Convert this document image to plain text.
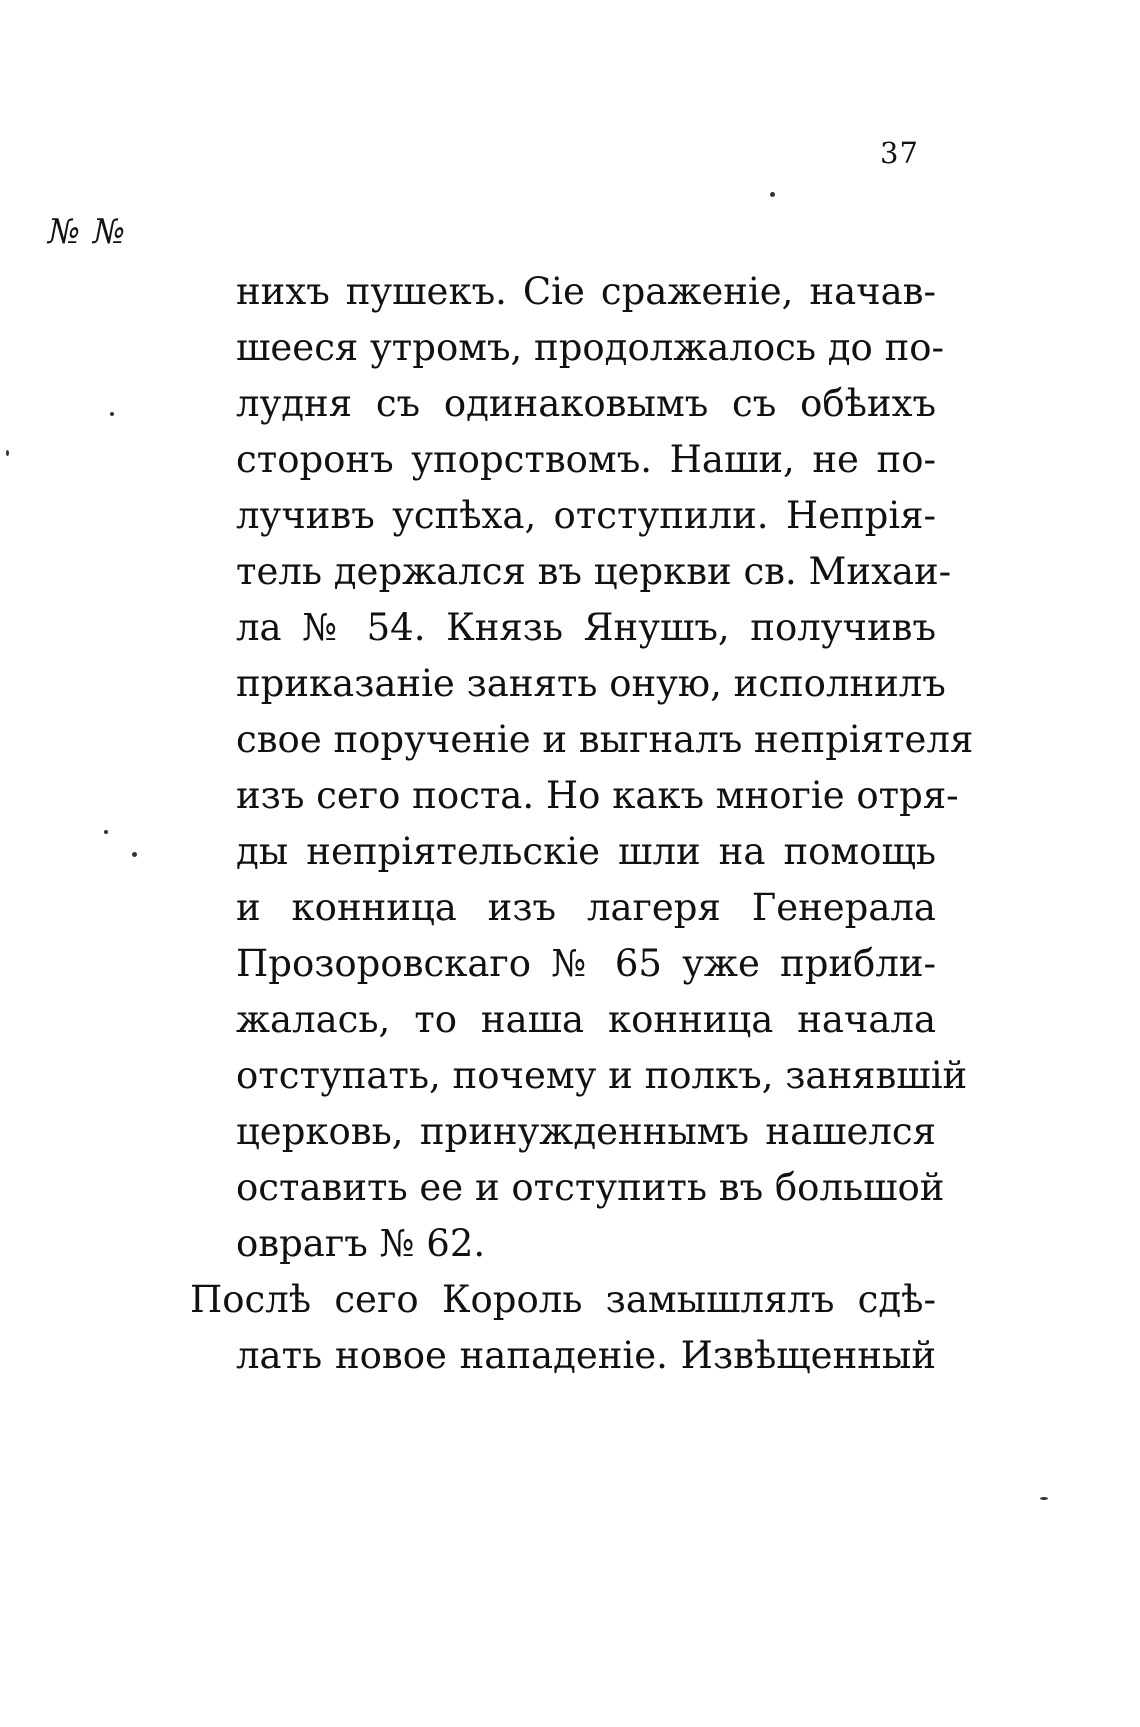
37
№ №
ниxъ пушекъ. Сіе сраженіе, начав-
шееся утромъ, продолжалось до по-
лудня съ одинаковымъ съ обѣихъ
сторонъ упорствомъ. Наши, не по-
лучивъ успѣха, отступили. Непрія-
тель держался въ церкви св. Михаи-
ла № 54. Князь Янушъ, получивъ
приказаніе занять оную, исполнилъ
свое порученіе и выгналъ непріятеля
изъ сего поста. Но какъ многіе отря-
ды непріятельскіе шли на помощь
и конница изъ лагеря Генерала
Прозоровскаго № 65 уже прибли-
жалась, то наша конница начала
отступать, почему и полкъ, занявшій
церковь, принужденнымъ нашелся
оставить ее и отступить въ большой
оврагъ № 62.
Послѣ сего Король замышлялъ сдѣ-
лать новое нападеніе. Извѣщенный
